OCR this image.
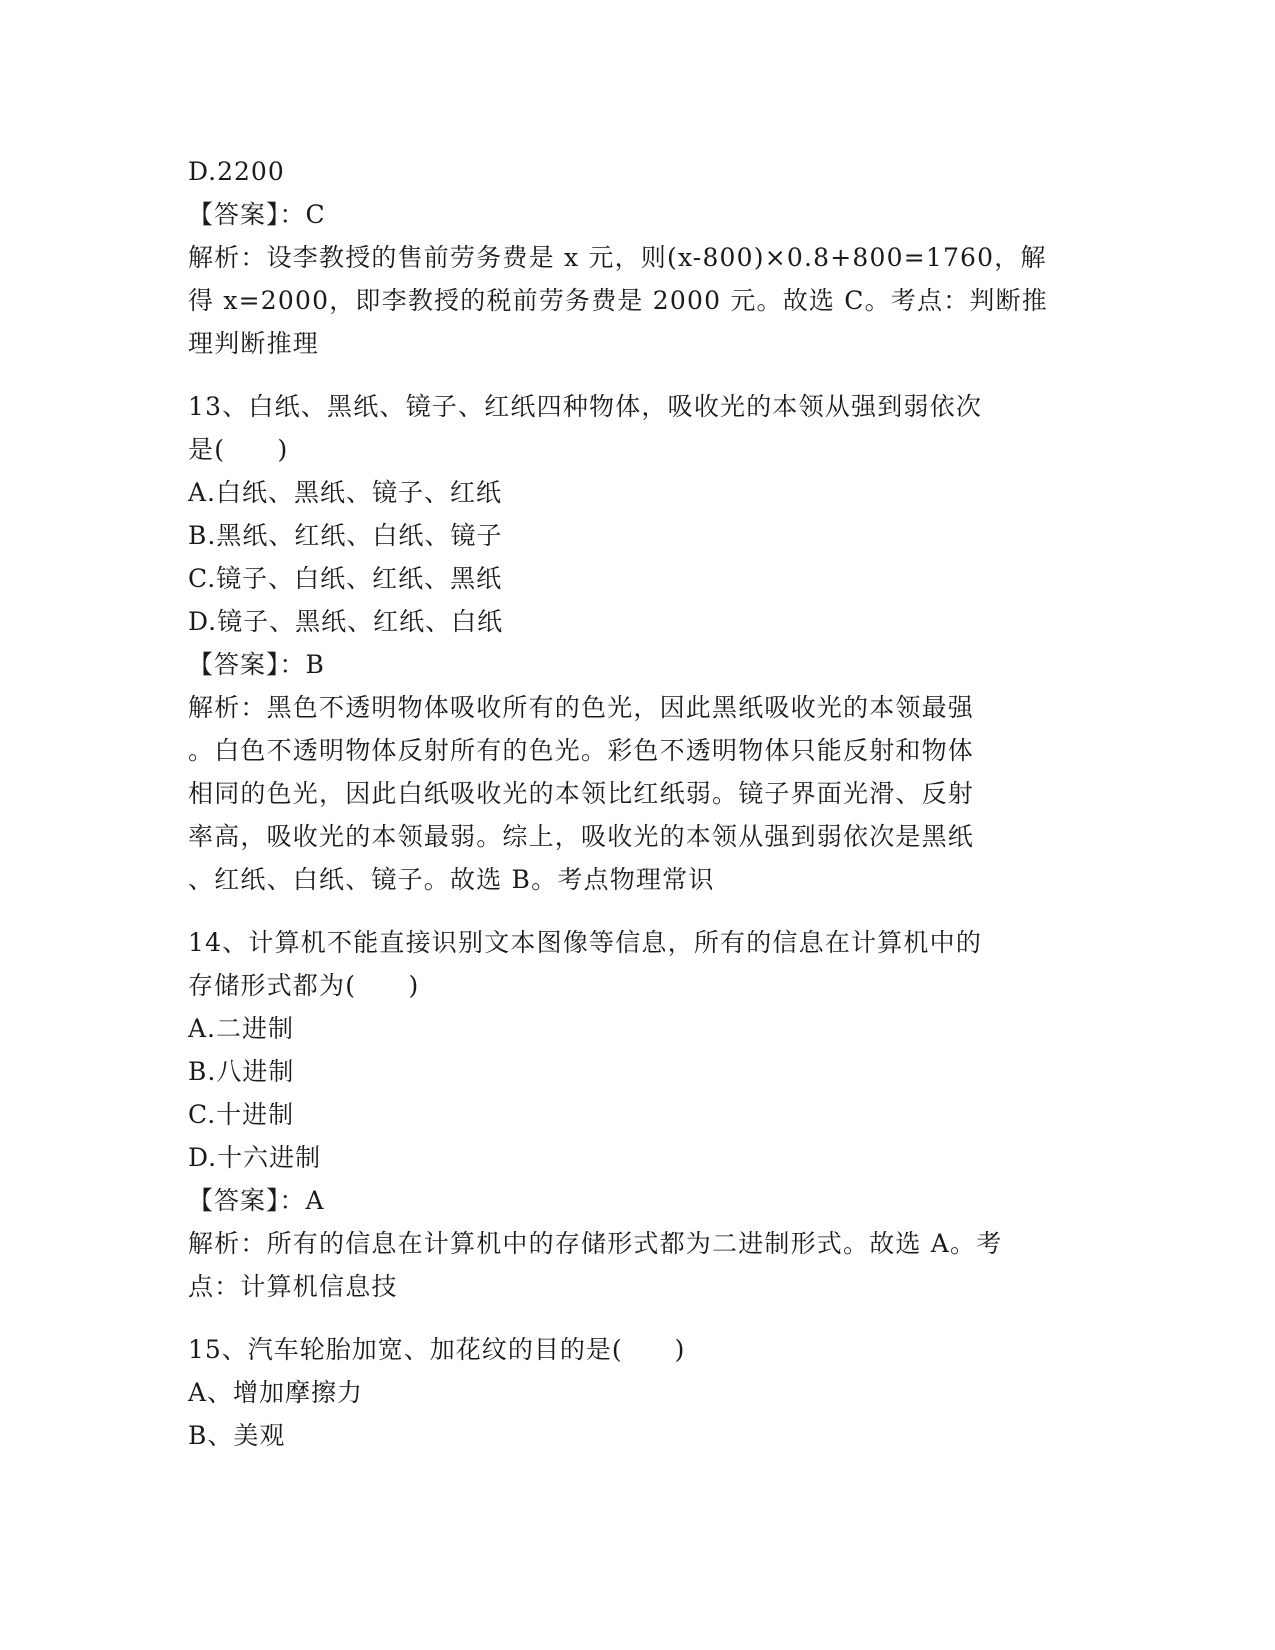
D.2200
【答案】：C
解析：设李教授的售前劳务费是 x 元，则(x-800)×0.8+800=1760，解
得 x=2000，即李教授的税前劳务费是 2000 元。故选 C。考点：判断推
理判断推理
13、白纸、黑纸、镜子、红纸四种物体，吸收光的本领从强到弱依次
是(　　)
A.白纸、黑纸、镜子、红纸
B.黑纸、红纸、白纸、镜子
C.镜子、白纸、红纸、黑纸
D.镜子、黑纸、红纸、白纸
【答案】：B
解析：黑色不透明物体吸收所有的色光，因此黑纸吸收光的本领最强
。白色不透明物体反射所有的色光。彩色不透明物体只能反射和物体
相同的色光，因此白纸吸收光的本领比红纸弱。镜子界面光滑、反射
率高，吸收光的本领最弱。综上，吸收光的本领从强到弱依次是黑纸
、红纸、白纸、镜子。故选 B。考点物理常识
14、计算机不能直接识别文本图像等信息，所有的信息在计算机中的
存储形式都为(　　)
A.二进制
B.八进制
C.十进制
D.十六进制
【答案】：A
解析：所有的信息在计算机中的存储形式都为二进制形式。故选 A。考
点：计算机信息技
15、汽车轮胎加宽、加花纹的目的是(　　)
A、增加摩擦力
B、美观
